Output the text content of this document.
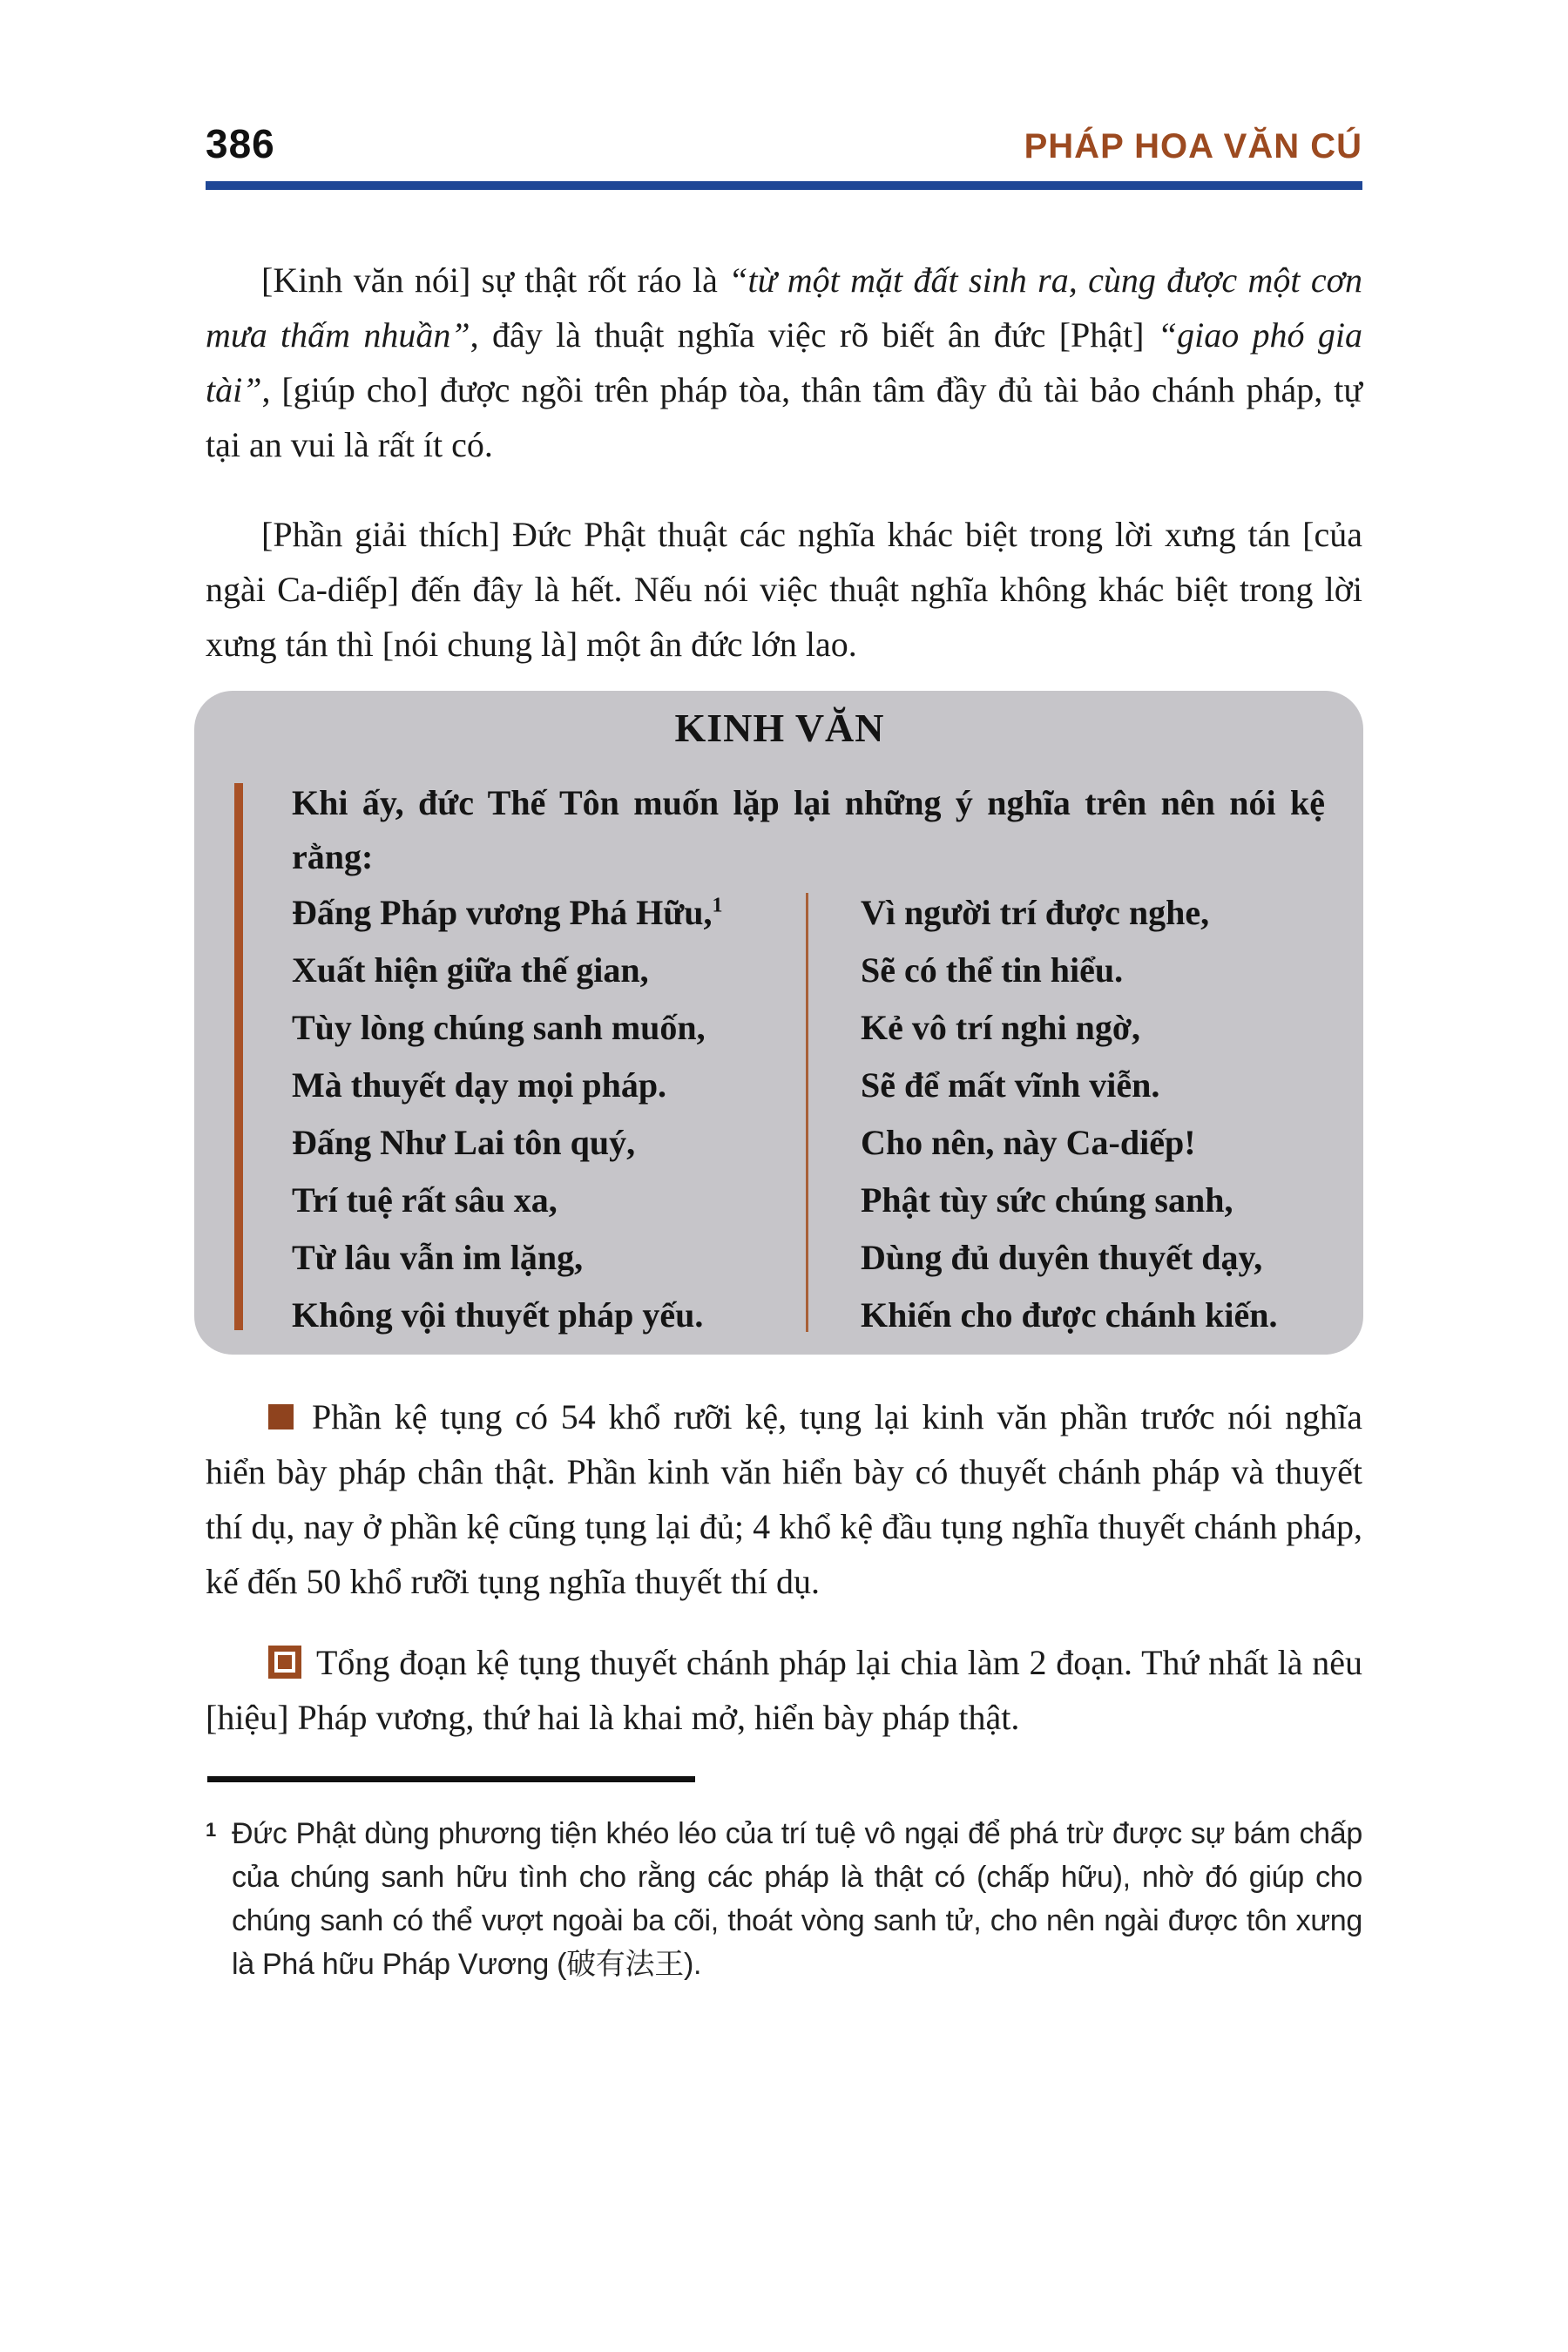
386	PHÁP HOA VĂN CÚ

[Kinh văn nói] sự thật rốt ráo là “từ một mặt đất sinh ra, cùng được một cơn mưa thấm nhuần”, đây là thuật nghĩa việc rõ biết ân đức [Phật] “giao phó gia tài”, [giúp cho] được ngồi trên pháp tòa, thân tâm đầy đủ tài bảo chánh pháp, tự tại an vui là rất ít có.

[Phần giải thích] Đức Phật thuật các nghĩa khác biệt trong lời xưng tán [của ngài Ca-diếp] đến đây là hết. Nếu nói việc thuật nghĩa không khác biệt trong lời xưng tán thì [nói chung là] một ân đức lớn lao.

KINH VĂN

Khi ấy, đức Thế Tôn muốn lặp lại những ý nghĩa trên nên nói kệ rằng:

Đấng Pháp vương Phá Hữu,$^1$
Xuất hiện giữa thế gian,
Tùy lòng chúng sanh muốn,
Mà thuyết dạy mọi pháp.
Đấng Như Lai tôn quý,
Trí tuệ rất sâu xa,
Từ lâu vẫn im lặng,
Không vội thuyết pháp yếu.
Vì người trí được nghe,
Sẽ có thể tin hiểu.
Kẻ vô trí nghi ngờ,
Sẽ để mất vĩnh viễn.
Cho nên, này Ca-diếp!
Phật tùy sức chúng sanh,
Dùng đủ duyên thuyết dạy,
Khiến cho được chánh kiến.

Phần kệ tụng có 54 khổ rưỡi kệ, tụng lại kinh văn phần trước nói nghĩa hiển bày pháp chân thật. Phần kinh văn hiển bày có thuyết chánh pháp và thuyết thí dụ, nay ở phần kệ cũng tụng lại đủ; 4 khổ kệ đầu tụng nghĩa thuyết chánh pháp, kế đến 50 khổ rưỡi tụng nghĩa thuyết thí dụ.

Tổng đoạn kệ tụng thuyết chánh pháp lại chia làm 2 đoạn. Thứ nhất là nêu [hiệu] Pháp vương, thứ hai là khai mở, hiển bày pháp thật.

1 Đức Phật dùng phương tiện khéo léo của trí tuệ vô ngại để phá trừ được sự bám chấp của chúng sanh hữu tình cho rằng các pháp là thật có (chấp hữu), nhờ đó giúp cho chúng sanh có thể vượt ngoài ba cõi, thoát vòng sanh tử, cho nên ngài được tôn xưng là Phá hữu Pháp Vương (破有法王).
